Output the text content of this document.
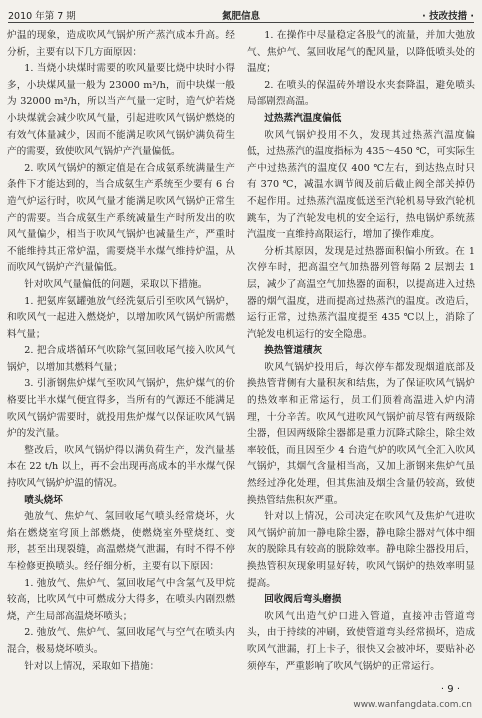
2010 年第 7 期	氮肥信息	· 技改技措 ·

炉温的现象，造成吹风气锅炉所产蒸汽成本升高。经分析，主要有以下几方面原因：

1. 当烧小块煤时需要的吹风量要比烧中块时小得多，小块煤风量一般为 23000 m³/h，而中块煤一般为 32000 m³/h，所以当产气量一定时，造气炉若烧小块煤就会减少吹风气量，引起进吹风气锅炉燃烧的有效气体量减少，因而不能满足吹风气锅炉满负荷生产的需要，致使吹风气锅炉产汽量偏低。

2. 吹风气锅炉的额定值是在合成氨系统满量生产条件下才能达到的，当合成氨生产系统至少要有 6 台造气炉运行时，吹风气量才能满足吹风气锅炉正常生产的需要。当合成氨生产系统减量生产时所发出的吹风气量偏少，相当于吹风气锅炉也减量生产，严重时不能维持其正常炉温，需要烧半水煤气维持炉温，从而吹风气锅炉产汽量偏低。

针对吹风气量偏低的问题，采取以下措施。

1. 把氨库氨罐弛放气经洗氨后引至吹风气锅炉，和吹风气一起进入燃烧炉，以增加吹风气锅炉所需燃料气量；

2. 把合成塔循环气吹除气氢回收尾气接入吹风气锅炉，以增加其燃料气量；

3. 引浙钢焦炉煤气至吹风气锅炉，焦炉煤气的价格要比半水煤气便宜得多，当所有的气源还不能满足吹风气锅炉需要时，就投用焦炉煤气以保证吹风气锅炉的发汽量。

整改后，吹风气锅炉得以满负荷生产，发汽量基本在 22 t/h 以上，再不会出现再高成本的半水煤气保持吹风气锅炉炉温的情况。

喷头烧坏

弛放气、焦炉气、氢回收尾气喷头经常烧坏，火焰在燃烧室穹顶上部燃烧，使燃烧室外壁烧红、变形，甚至出现裂缝，高温燃烧气泄漏，有时不得不停车检修更换喷头。经仔细分析，主要有以下原因：

1. 弛放气、焦炉气、氢回收尾气中含氢气及甲烷较高，比吹风气中可燃成分大得多，在喷头内剧烈燃烧，产生局部高温烧坏喷头；

2. 弛放气、焦炉气、氢回收尾气与空气在喷头内混合，极易烧坏喷头。

针对以上情况，采取如下措施：

1. 在操作中尽量稳定各股气的流量，并加大弛放气、焦炉气、氢回收尾气的配风量，以降低喷头处的温度；

2. 在喷头的保温砖外增设水夹套降温，避免喷头局部剧烈高温。

过热蒸汽温度偏低

吹风气锅炉投用不久，发现其过热蒸汽温度偏低，过热蒸汽的温度指标为 435～450 ℃，可实际生产中过热蒸汽的温度仅 400 ℃左右，到达热点时只有 370 ℃，减温水调节阀及前后截止阀全部关掉仍不起作用。过热蒸汽温度低送至汽轮机易导致汽轮机跳车，为了汽轮发电机的安全运行，热电锅炉系统蒸汽温度一直维持高限运行，增加了操作难度。

分析其原因，发现是过热器面积偏小所致。在 1 次停车时，把高温空气加热器列管每隔 2 层割去 1 层，减少了高温空气加热器的面积，以提高进入过热器的烟气温度，进而提高过热蒸汽的温度。改造后，运行正常，过热蒸汽温度提至 435 ℃以上，消除了汽轮发电机运行的安全隐患。

换热管道積灰

吹风气锅炉投用后，每次停车都发现烟道底部及换热管背侧有大量积灰和结焦，为了保证吹风气锅炉的热效率和正常运行，员工们顶着高温进入炉内清理，十分辛苦。吹风气进吹风气锅炉前尽管有两级除尘器，但因两级除尘器都是重力沉降式除尘，除尘效率较低，而且因至少 4 台造气炉的吹风气全汇入吹风气锅炉，其烟气含量相当高，又加上浙钢来焦炉气虽然经过净化处理，但其焦油及烟尘含量仍较高，致使换热管结焦积灰严重。

针对以上情况，公司决定在吹风气及焦炉气进吹风气锅炉前加一静电除尘器，静电除尘器对气体中细灰的脱除具有较高的脱除效率。静电除尘器投用后，换热管积灰现象明显好转，吹风气锅炉的热效率明显提高。

回收阀后弯头磨损

吹风气出造气炉口进入管道，直接冲击管道弯头，由于持续的冲刷，致使管道弯头经常损坏，造成吹风气泄漏，打上卡子，很快又会被冲坏，要贴补必须停车，严重影响了吹风气锅炉的正常运行。

· 9 ·
www.wanfangdata.com.cn
